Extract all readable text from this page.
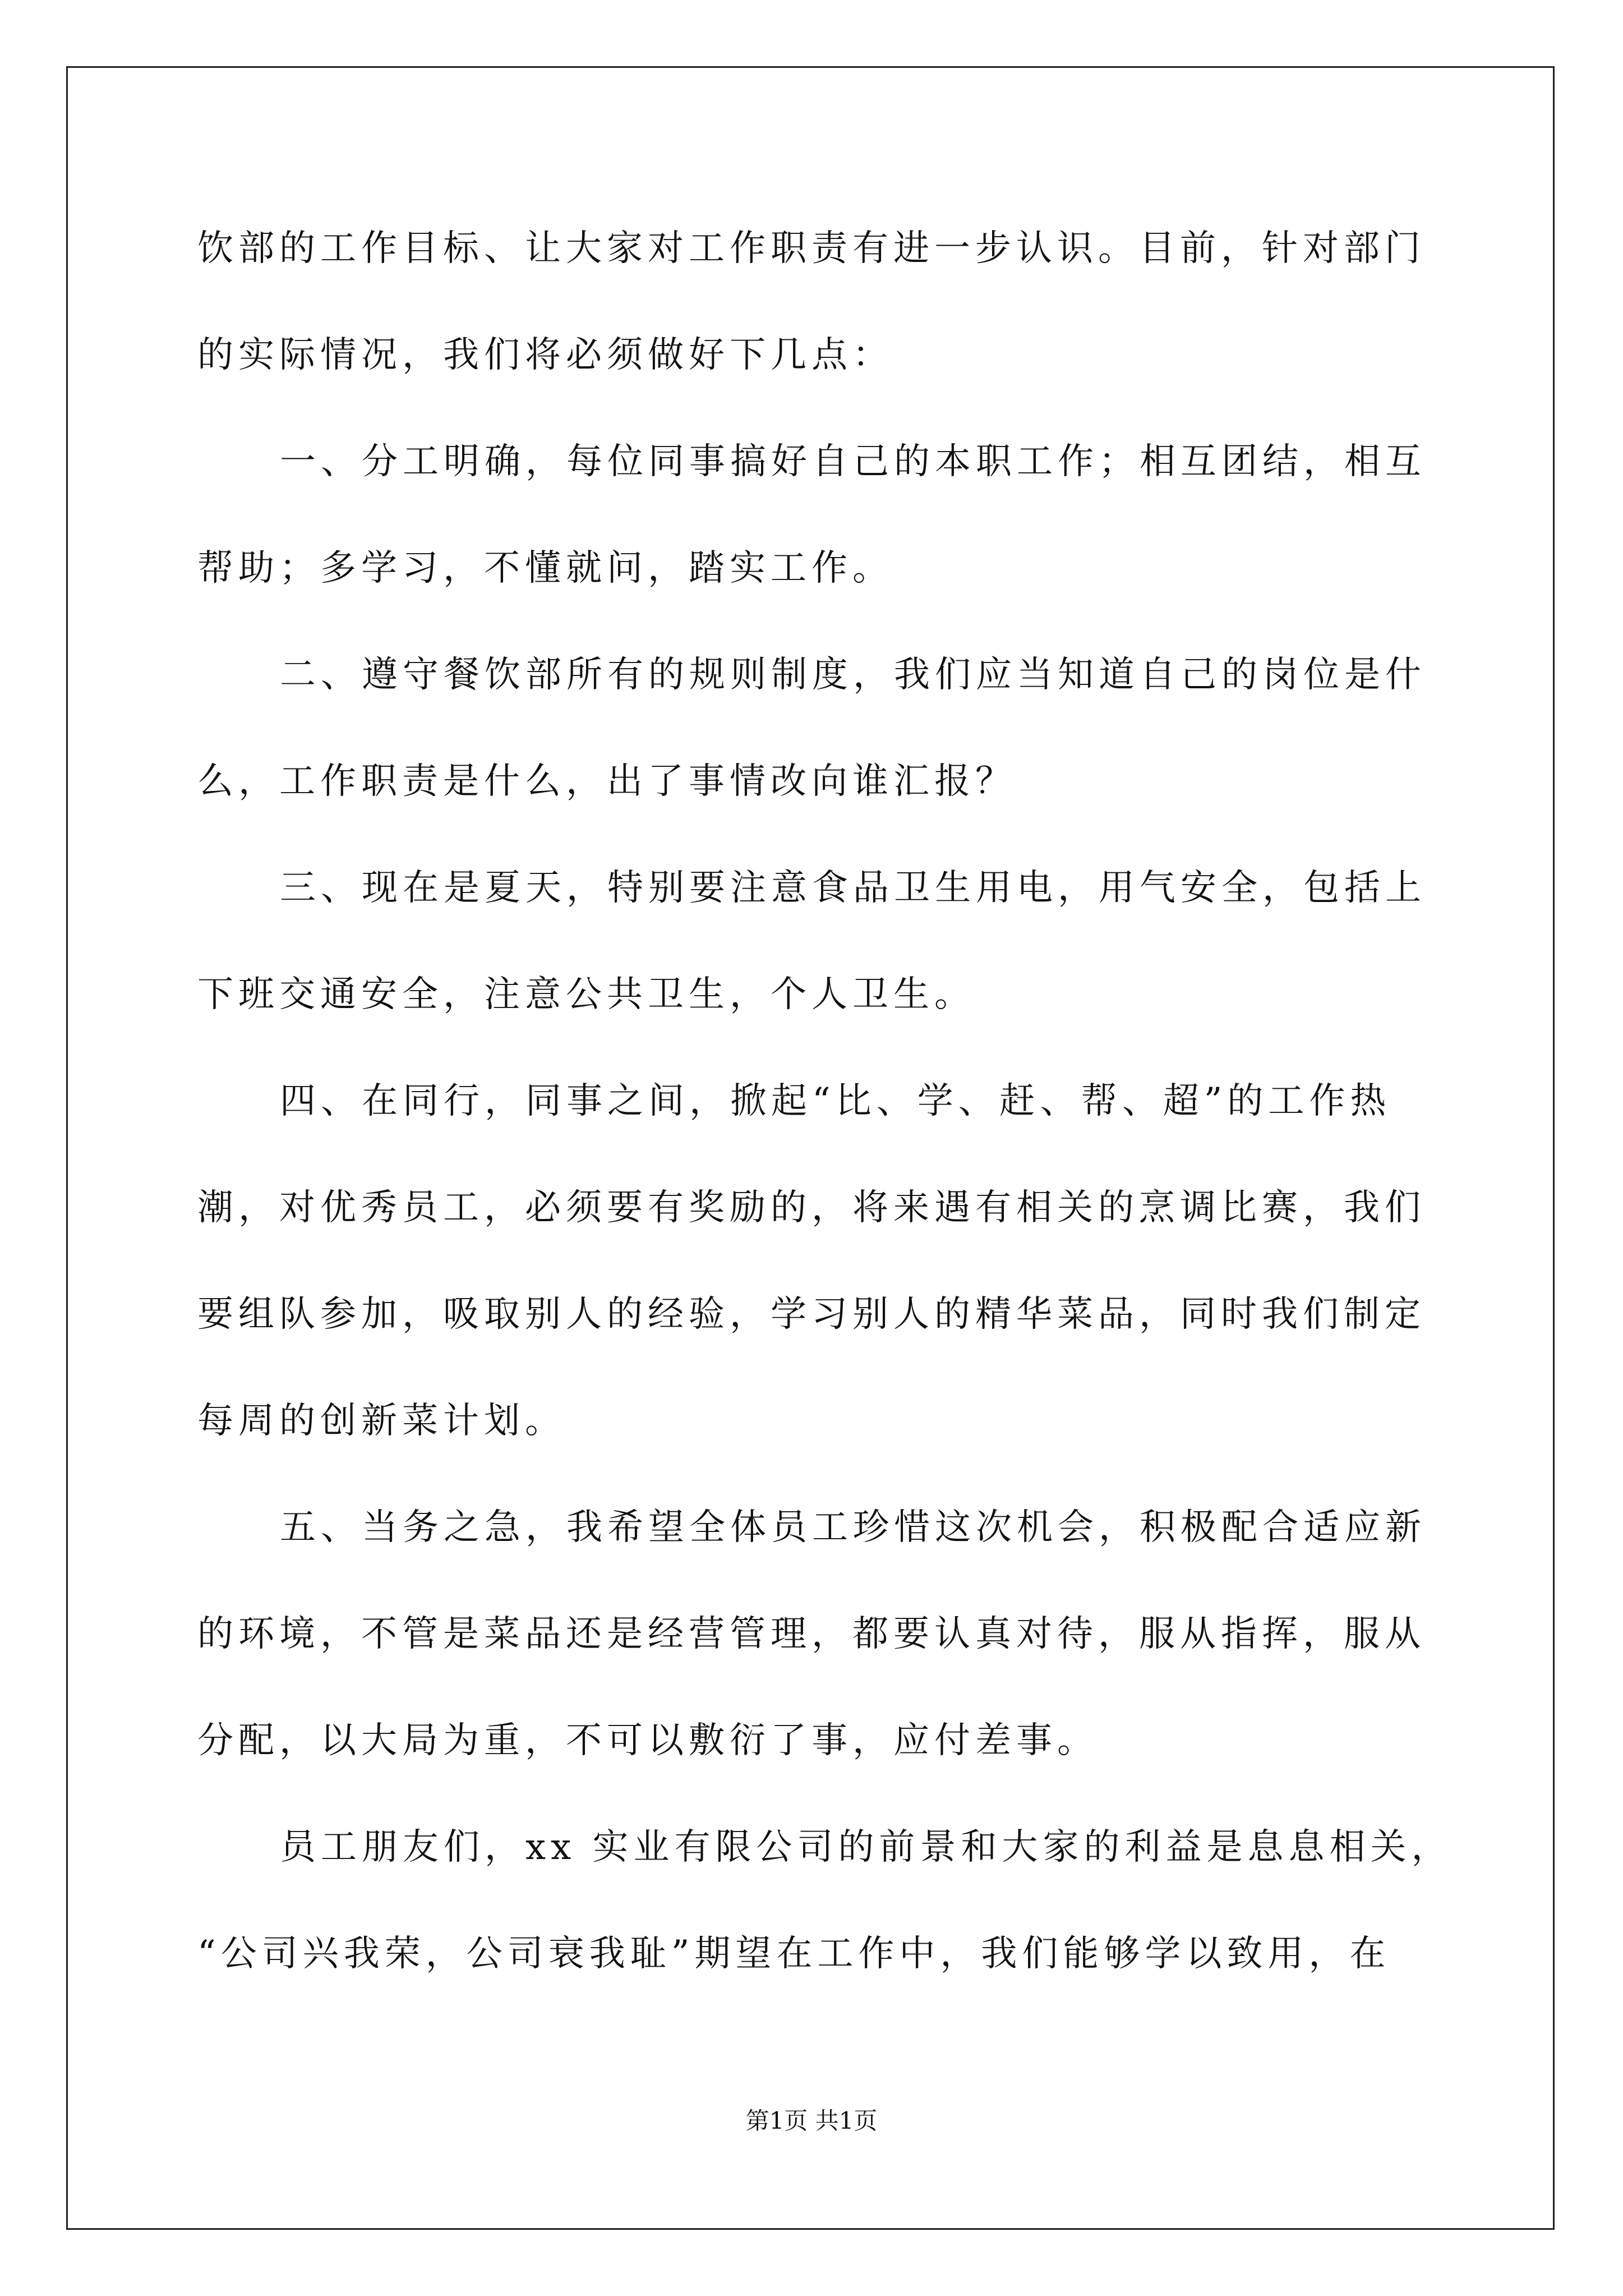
饮部的工作目标、让大家对工作职责有进一步认识。目前，针对部门
的实际情况，我们将必须做好下几点：
一、分工明确，每位同事搞好自己的本职工作；相互团结，相互
帮助；多学习，不懂就问，踏实工作。
二、遵守餐饮部所有的规则制度，我们应当知道自己的岗位是什
么，工作职责是什么，出了事情改向谁汇报？
三、现在是夏天，特别要注意食品卫生用电，用气安全，包括上
下班交通安全，注意公共卫生，个人卫生。
四、在同行，同事之间，掀起“比、学、赶、帮、超”的工作热
潮，对优秀员工，必须要有奖励的，将来遇有相关的烹调比赛，我们
要组队参加，吸取别人的经验，学习别人的精华菜品，同时我们制定
每周的创新菜计划。
五、当务之急，我希望全体员工珍惜这次机会，积极配合适应新
的环境，不管是菜品还是经营管理，都要认真对待，服从指挥，服从
分配，以大局为重，不可以敷衍了事，应付差事。
员工朋友们，xx 实业有限公司的前景和大家的利益是息息相关，
“公司兴我荣，公司衰我耻”期望在工作中，我们能够学以致用，在
第1页 共1页
